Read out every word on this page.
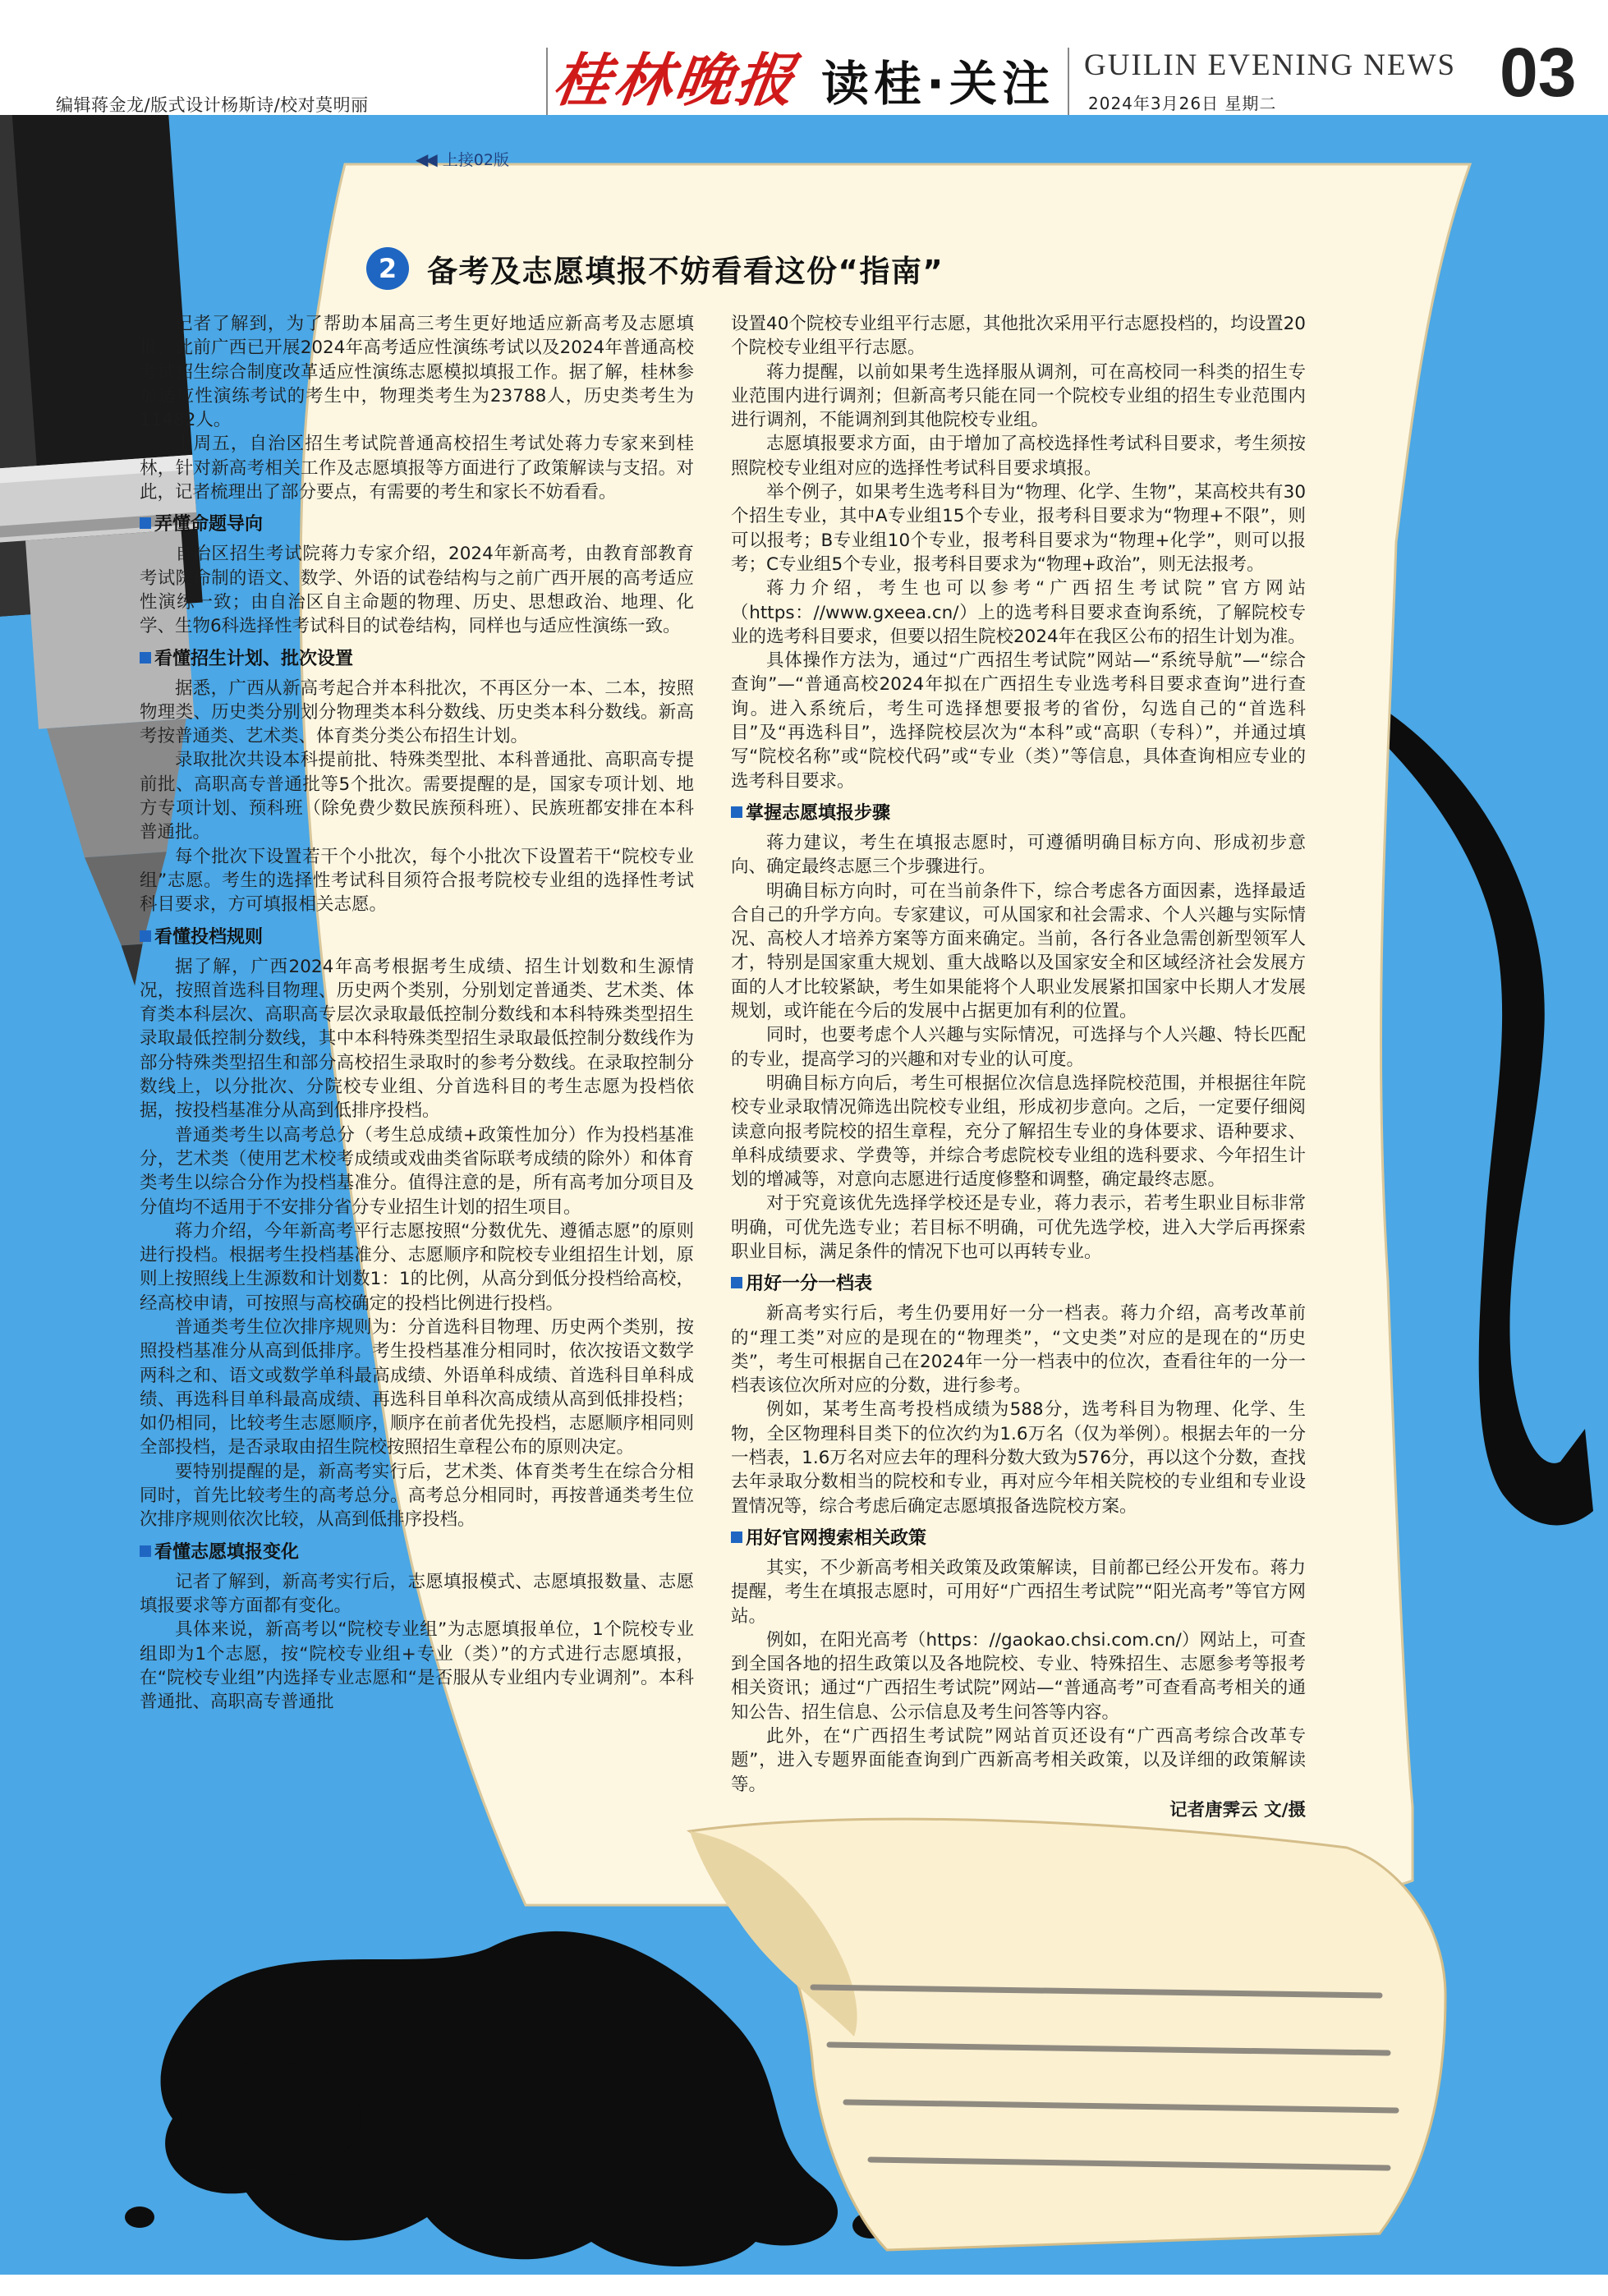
编辑蒋金龙/版式设计杨斯诗/校对莫明丽	桂林晚报 读桂·关注 GUILIN EVENING NEWS
2024年3月26日 星期二	03
◀◀ 上接02版
2 备考及志愿填报不妨看看这份“指南”

记者了解到，为了帮助本届高三考生更好地适应新高考及志愿填报，此前广西已开展2024年高考适应性演练考试以及2024年普通高校考试招生综合制度改革适应性演练志愿模拟填报工作。据了解，桂林参加适应性演练考试的考生中，物理类考生为23788人，历史类考生为11482人。

上周五，自治区招生考试院普通高校招生考试处蒋力专家来到桂林，针对新高考相关工作及志愿填报等方面进行了政策解读与支招。对此，记者梳理出了部分要点，有需要的考生和家长不妨看看。

弄懂命题导向

自治区招生考试院蒋力专家介绍，2024年新高考，由教育部教育考试院命制的语文、数学、外语的试卷结构与之前广西开展的高考适应性演练一致；由自治区自主命题的物理、历史、思想政治、地理、化学、生物6科选择性考试科目的试卷结构，同样也与适应性演练一致。

看懂招生计划、批次设置

据悉，广西从新高考起合并本科批次，不再区分一本、二本，按照物理类、历史类分别划分物理类本科分数线、历史类本科分数线。新高考按普通类、艺术类、体育类分类公布招生计划。

录取批次共设本科提前批、特殊类型批、本科普通批、高职高专提前批、高职高专普通批等5个批次。需要提醒的是，国家专项计划、地方专项计划、预科班（除免费少数民族预科班）、民族班都安排在本科普通批。

每个批次下设置若干个小批次，每个小批次下设置若干“院校专业组”志愿。考生的选择性考试科目须符合报考院校专业组的选择性考试科目要求，方可填报相关志愿。

看懂投档规则

据了解，广西2024年高考根据考生成绩、招生计划数和生源情况，按照首选科目物理、历史两个类别，分别划定普通类、艺术类、体育类本科层次、高职高专层次录取最低控制分数线和本科特殊类型招生录取最低控制分数线，其中本科特殊类型招生录取最低控制分数线作为部分特殊类型招生和部分高校招生录取时的参考分数线。在录取控制分数线上，以分批次、分院校专业组、分首选科目的考生志愿为投档依据，按投档基准分从高到低排序投档。

普通类考生以高考总分（考生总成绩+政策性加分）作为投档基准分，艺术类（使用艺术校考成绩或戏曲类省际联考成绩的除外）和体育类考生以综合分作为投档基准分。值得注意的是，所有高考加分项目及分值均不适用于不安排分省分专业招生计划的招生项目。

蒋力介绍，今年新高考平行志愿按照“分数优先、遵循志愿”的原则进行投档。根据考生投档基准分、志愿顺序和院校专业组招生计划，原则上按照线上生源数和计划数1：1的比例，从高分到低分投档给高校，经高校申请，可按照与高校确定的投档比例进行投档。

普通类考生位次排序规则为：分首选科目物理、历史两个类别，按照投档基准分从高到低排序。考生投档基准分相同时，依次按语文数学两科之和、语文或数学单科最高成绩、外语单科成绩、首选科目单科成绩、再选科目单科最高成绩、再选科目单科次高成绩从高到低排投档；如仍相同，比较考生志愿顺序，顺序在前者优先投档，志愿顺序相同则全部投档，是否录取由招生院校按照招生章程公布的原则决定。

要特别提醒的是，新高考实行后，艺术类、体育类考生在综合分相同时，首先比较考生的高考总分。高考总分相同时，再按普通类考生位次排序规则依次比较，从高到低排序投档。

看懂志愿填报变化

记者了解到，新高考实行后，志愿填报模式、志愿填报数量、志愿填报要求等方面都有变化。

具体来说，新高考以“院校专业组”为志愿填报单位，1个院校专业组即为1个志愿，按“院校专业组+专业（类）”的方式进行志愿填报，在“院校专业组”内选择专业志愿和“是否服从专业组内专业调剂”。本科普通批、高职高专普通批

设置40个院校专业组平行志愿，其他批次采用平行志愿投档的，均设置20个院校专业组平行志愿。

蒋力提醒，以前如果考生选择服从调剂，可在高校同一科类的招生专业范围内进行调剂；但新高考只能在同一个院校专业组的招生专业范围内进行调剂，不能调剂到其他院校专业组。

志愿填报要求方面，由于增加了高校选择性考试科目要求，考生须按照院校专业组对应的选择性考试科目要求填报。

举个例子，如果考生选考科目为“物理、化学、生物”，某高校共有30个招生专业，其中A专业组15个专业，报考科目要求为“物理+不限”，则可以报考；B专业组10个专业，报考科目要求为“物理+化学”，则可以报考；C专业组5个专业，报考科目要求为“物理+政治”，则无法报考。

蒋力介绍，考生也可以参考“广西招生考试院”官方网站（https：//www.gxeea.cn/）上的选考科目要求查询系统，了解院校专业的选考科目要求，但要以招生院校2024年在我区公布的招生计划为准。

具体操作方法为，通过“广西招生考试院”网站—“系统导航”—“综合查询”—“普通高校2024年拟在广西招生专业选考科目要求查询”进行查询。进入系统后，考生可选择想要报考的省份，勾选自己的“首选科目”及“再选科目”，选择院校层次为“本科”或“高职（专科）”，并通过填写“院校名称”或“院校代码”或“专业（类）”等信息，具体查询相应专业的选考科目要求。

掌握志愿填报步骤

蒋力建议，考生在填报志愿时，可遵循明确目标方向、形成初步意向、确定最终志愿三个步骤进行。

明确目标方向时，可在当前条件下，综合考虑各方面因素，选择最适合自己的升学方向。专家建议，可从国家和社会需求、个人兴趣与实际情况、高校人才培养方案等方面来确定。当前，各行各业急需创新型领军人才，特别是国家重大规划、重大战略以及国家安全和区域经济社会发展方面的人才比较紧缺，考生如果能将个人职业发展紧扣国家中长期人才发展规划，或许能在今后的发展中占据更加有利的位置。

同时，也要考虑个人兴趣与实际情况，可选择与个人兴趣、特长匹配的专业，提高学习的兴趣和对专业的认可度。

明确目标方向后，考生可根据位次信息选择院校范围，并根据往年院校专业录取情况筛选出院校专业组，形成初步意向。之后，一定要仔细阅读意向报考院校的招生章程，充分了解招生专业的身体要求、语种要求、单科成绩要求、学费等，并综合考虑院校专业组的选科要求、今年招生计划的增减等，对意向志愿进行适度修整和调整，确定最终志愿。

对于究竟该优先选择学校还是专业，蒋力表示，若考生职业目标非常明确，可优先选专业；若目标不明确，可优先选学校，进入大学后再探索职业目标，满足条件的情况下也可以再转专业。

用好一分一档表

新高考实行后，考生仍要用好一分一档表。蒋力介绍，高考改革前的“理工类”对应的是现在的“物理类”，“文史类”对应的是现在的“历史类”，考生可根据自己在2024年一分一档表中的位次，查看往年的一分一档表该位次所对应的分数，进行参考。

例如，某考生高考投档成绩为588分，选考科目为物理、化学、生物，全区物理科目类下的位次约为1.6万名（仅为举例）。根据去年的一分一档表，1.6万名对应去年的理科分数大致为576分，再以这个分数，查找去年录取分数相当的院校和专业，再对应今年相关院校的专业组和专业设置情况等，综合考虑后确定志愿填报备选院校方案。

用好官网搜索相关政策

其实，不少新高考相关政策及政策解读，目前都已经公开发布。蒋力提醒，考生在填报志愿时，可用好“广西招生考试院”“阳光高考”等官方网站。

例如，在阳光高考（https：//gaokao.chsi.com.cn/）网站上，可查到全国各地的招生政策以及各地院校、专业、特殊招生、志愿参考等报考相关资讯；通过“广西招生考试院”网站—“普通高考”可查看高考相关的通知公告、招生信息、公示信息及考生问答等内容。

此外，在“广西招生考试院”网站首页还设有“广西高考综合改革专题”，进入专题界面能查询到广西新高考相关政策，以及详细的政策解读等。

记者唐霁云 文/摄
